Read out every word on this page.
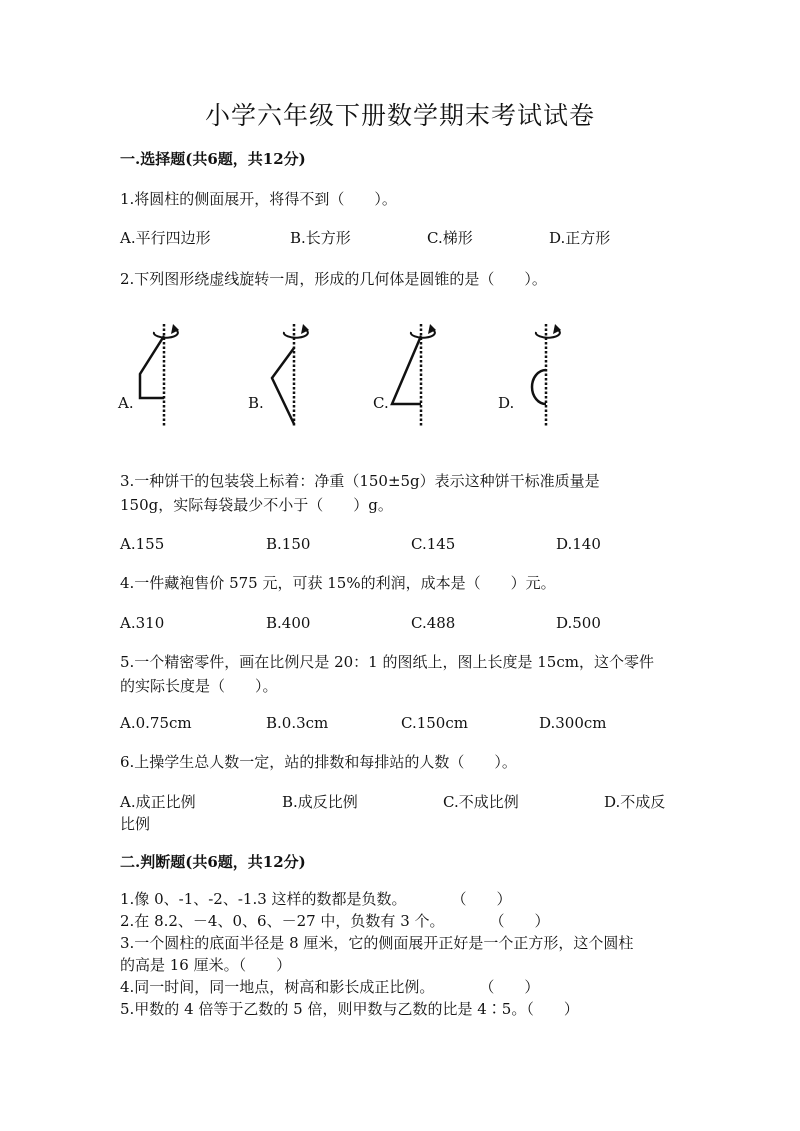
小学六年级下册数学期末考试试卷
一.选择题(共6题，共12分)
1.将圆柱的侧面展开，将得不到（　　）。
A.平行四边形	B.长方形	C.梯形	D.正方形
2.下列图形绕虚线旋转一周，形成的几何体是圆锥的是（　　）。
A.	B.	C.	D.
3.一种饼干的包装袋上标着：净重（150±5g）表示这种饼干标准质量是
150g，实际每袋最少不小于（　　）g。
A.155	B.150	C.145	D.140
4.一件藏袍售价 575 元，可获 15%的利润，成本是（　　）元。
A.310	B.400	C.488	D.500
5.一个精密零件，画在比例尺是 20：1 的图纸上，图上长度是 15cm，这个零件
的实际长度是（　　）。
A.0.75cm	B.0.3cm	C.150cm	D.300cm
6.上操学生总人数一定，站的排数和每排站的人数（　　）。
A.成正比例	B.成反比例	C.不成比例	D.不成反
比例
二.判断题(共6题，共12分)
1.像 0、-1、-2、-1.3 这样的数都是负数。　　　　（　　）
2.在 8.2、－4、0、6、－27 中，负数有 3 个。　　　　（　　）
3.一个圆柱的底面半径是 8 厘米，它的侧面展开正好是一个正方形，这个圆柱
的高是 16 厘米。（　　）
4.同一时间，同一地点，树高和影长成正比例。　　　　（　　）
5.甲数的 4 倍等于乙数的 5 倍，则甲数与乙数的比是 4∶5。（　　）
